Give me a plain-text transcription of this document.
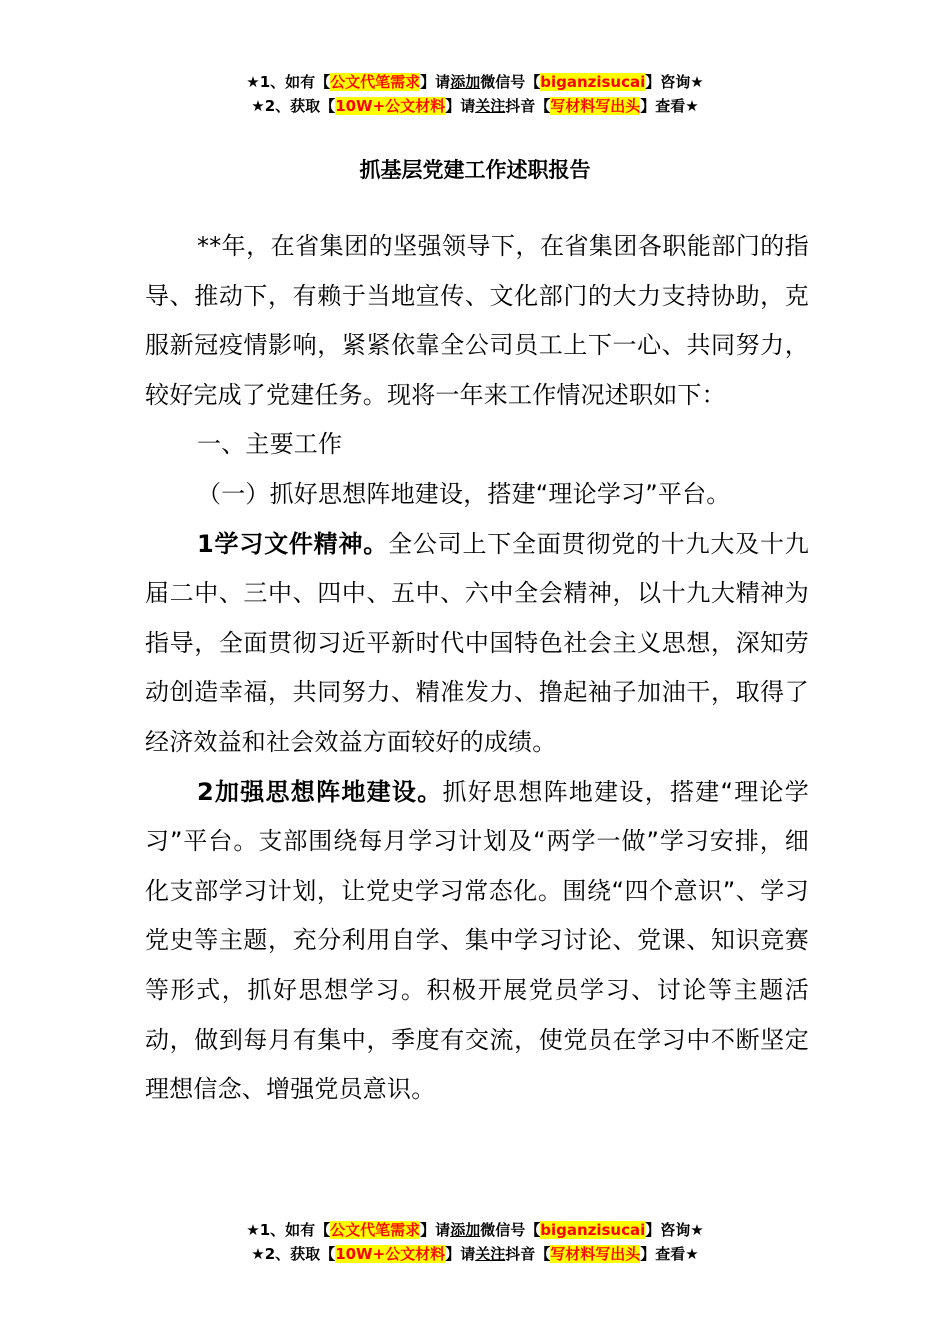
★1、如有【公文代笔需求】请添加微信号【biganzisucai】咨询★
★2、获取【10W+公文材料】请关注抖音【写材料写出头】查看★
抓基层党建工作述职报告

**年，在省集团的坚强领导下，在省集团各职能部门的指导、推动下，有赖于当地宣传、文化部门的大力支持协助，克服新冠疫情影响，紧紧依靠全公司员工上下一心、共同努力，较好完成了党建任务。现将一年来工作情况述职如下：

一、主要工作

（一）抓好思想阵地建设，搭建“理论学习”平台。

1学习文件精神。全公司上下全面贯彻党的十九大及十九届二中、三中、四中、五中、六中全会精神，以十九大精神为指导，全面贯彻习近平新时代中国特色社会主义思想，深知劳动创造幸福，共同努力、精准发力、撸起袖子加油干，取得了经济效益和社会效益方面较好的成绩。

2加强思想阵地建设。抓好思想阵地建设，搭建“理论学习”平台。支部围绕每月学习计划及“两学一做”学习安排，细化支部学习计划，让党史学习常态化。围绕“四个意识”、学习党史等主题，充分利用自学、集中学习讨论、党课、知识竞赛等形式，抓好思想学习。积极开展党员学习、讨论等主题活动，做到每月有集中，季度有交流，使党员在学习中不断坚定理想信念、增强党员意识。

★1、如有【公文代笔需求】请添加微信号【biganzisucai】咨询★
★2、获取【10W+公文材料】请关注抖音【写材料写出头】查看★
